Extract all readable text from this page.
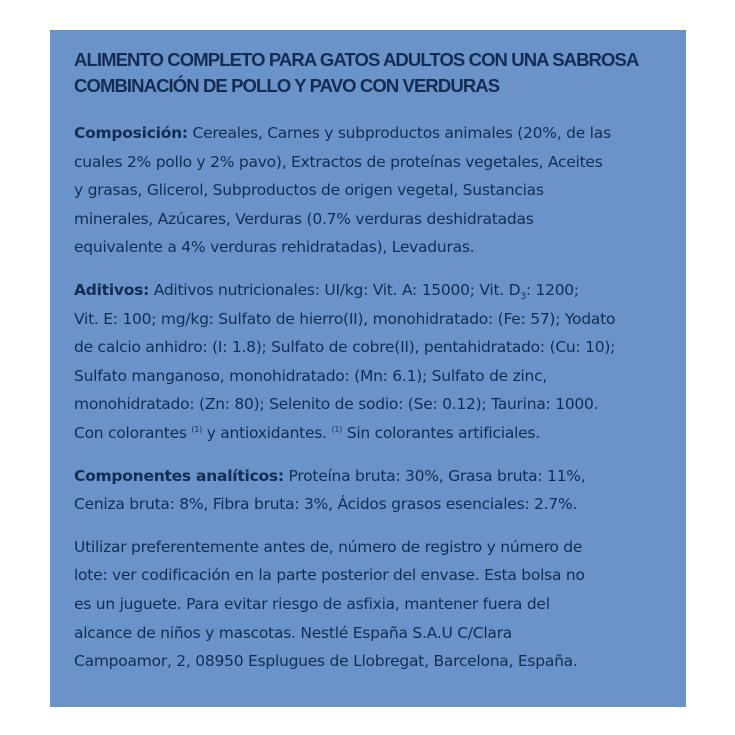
ALIMENTO COMPLETO PARA GATOS ADULTOS CON UNA SABROSA
COMBINACIÓN DE POLLO Y PAVO CON VERDURAS
Composición: Cereales, Carnes y subproductos animales (20%, de las
cuales 2% pollo y 2% pavo), Extractos de proteínas vegetales, Aceites
y grasas, Glicerol, Subproductos de origen vegetal, Sustancias
minerales, Azúcares, Verduras (0.7% verduras deshidratadas
equivalente a 4% verduras rehidratadas), Levaduras.
Aditivos: Aditivos nutricionales: UI/kg: Vit. A: 15000; Vit. $D_3$: 1200;
Vit. E: 100; mg/kg: Sulfato de hierro(II), monohidratado: (Fe: 57); Yodato
de calcio anhidro: (I: 1.8); Sulfato de cobre(II), pentahidratado: (Cu: 10);
Sulfato manganoso, monohidratado: (Mn: 6.1); Sulfato de zinc,
monohidratado: (Zn: 80); Selenito de sodio: (Se: 0.12); Taurina: 1000.
Con colorantes $^{(1)}$ y antioxidantes. $^{(1)}$ Sin colorantes artificiales.
Componentes analíticos: Proteína bruta: 30%, Grasa bruta: 11%,
Ceniza bruta: 8%, Fibra bruta: 3%, Ácidos grasos esenciales: 2.7%.
Utilizar preferentemente antes de, número de registro y número de
lote: ver codificación en la parte posterior del envase. Esta bolsa no
es un juguete. Para evitar riesgo de asfixia, mantener fuera del
alcance de niños y mascotas. Nestlé España S.A.U C/Clara
Campoamor, 2, 08950 Esplugues de Llobregat, Barcelona, España.
